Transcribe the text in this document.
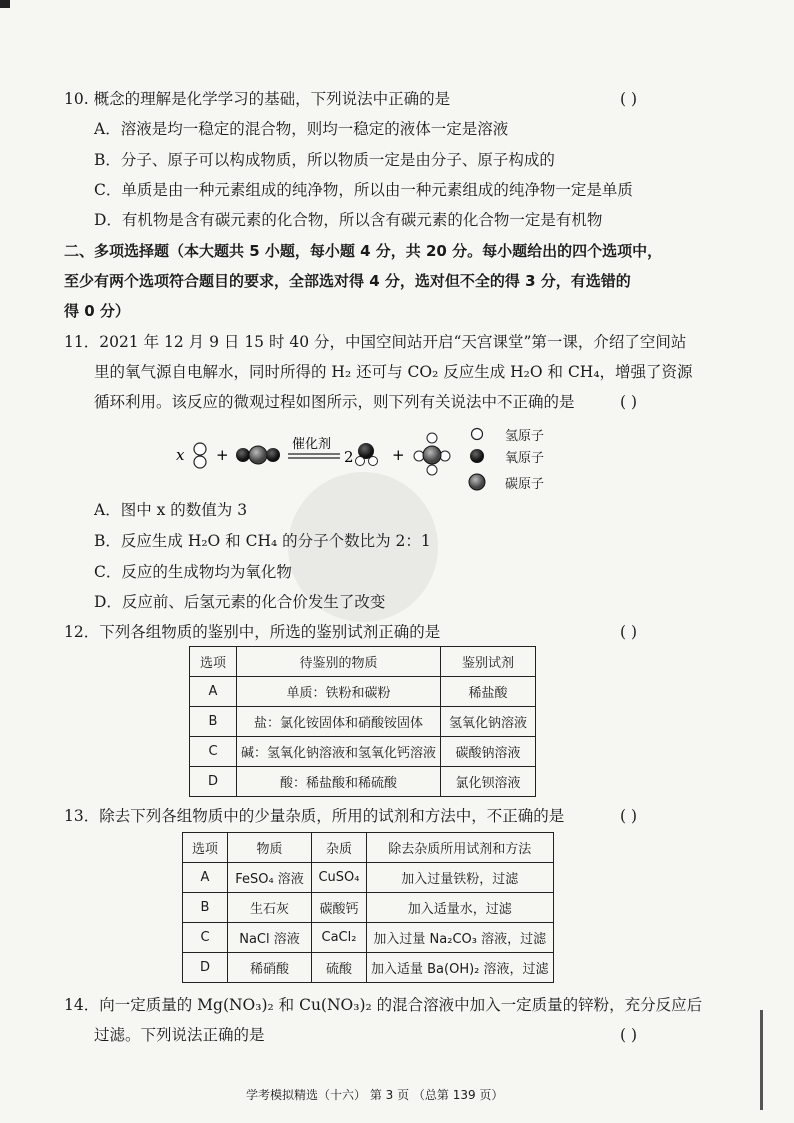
10. 概念的理解是化学学习的基础，下列说法中正确的是	( )
A．溶液是均一稳定的混合物，则均一稳定的液体一定是溶液
B．分子、原子可以构成物质，所以物质一定是由分子、原子构成的
C．单质是由一种元素组成的纯净物，所以由一种元素组成的纯净物一定是单质
D．有机物是含有碳元素的化合物，所以含有碳元素的化合物一定是有机物
二、多项选择题（本大题共 5 小题，每小题 4 分，共 20 分。每小题给出的四个选项中，
至少有两个选项符合题目的要求，全部选对得 4 分，选对但不全的得 3 分，有选错的
得 0 分）
11．2021 年 12 月 9 日 15 时 40 分，中国空间站开启“天宫课堂”第一课，介绍了空间站
里的氧气源自电解水，同时所得的 H₂ 还可与 CO₂ 反应生成 H₂O 和 CH₄，增强了资源
循环利用。该反应的微观过程如图所示，则下列有关说法中不正确的是	( )
x +
催化剂
2	+
氢原子
氧原子
碳原子
A．图中 x 的数值为 3
B．反应生成 H₂O 和 CH₄ 的分子个数比为 2：1
C．反应的生成物均为氧化物
D．反应前、后氢元素的化合价发生了改变
12．下列各组物质的鉴别中，所选的鉴别试剂正确的是	( )
选项	待鉴别的物质	鉴别试剂
A	单质：铁粉和碳粉	稀盐酸
B	盐：氯化铵固体和硝酸铵固体	氢氧化钠溶液
C	碱：氢氧化钠溶液和氢氧化钙溶液	碳酸钠溶液
D	酸：稀盐酸和稀硫酸	氯化钡溶液
13．除去下列各组物质中的少量杂质，所用的试剂和方法中，不正确的是	( )
选项	物质	杂质	除去杂质所用试剂和方法
A	FeSO₄ 溶液	CuSO₄	加入过量铁粉，过滤
B	生石灰	碳酸钙	加入适量水，过滤
C	NaCl 溶液	CaCl₂	加入过量 Na₂CO₃ 溶液，过滤
D	稀硝酸	硫酸	加入适量 Ba(OH)₂ 溶液，过滤
14．向一定质量的 Mg(NO₃)₂ 和 Cu(NO₃)₂ 的混合溶液中加入一定质量的锌粉，充分反应后
过滤。下列说法正确的是	( )
学考模拟精选（十六） 第 3 页 （总第 139 页）
